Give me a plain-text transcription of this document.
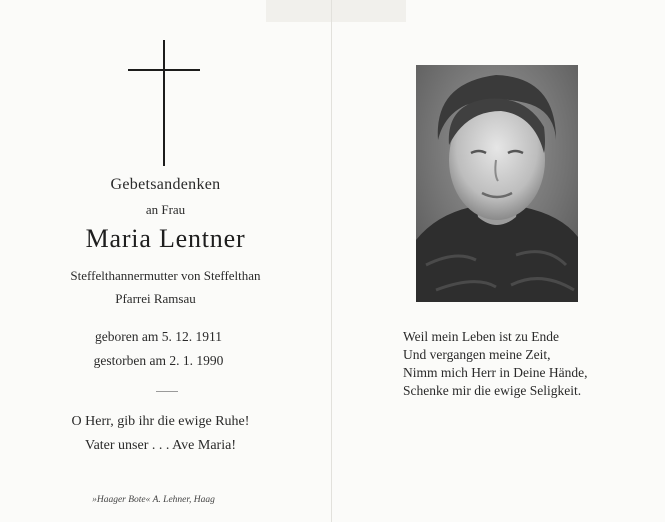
Gebetsandenken
an Frau
Maria Lentner
Steffelthannermutter von Steffelthan
Pfarrei Ramsau
geboren am 5. 12. 1911
gestorben am 2. 1. 1990
O Herr, gib ihr die ewige Ruhe!
Vater unser . . . Ave Maria!
»Haager Bote« A. Lehner, Haag
Weil mein Leben ist zu Ende
Und vergangen meine Zeit,
Nimm mich Herr in Deine Hände,
Schenke mir die ewige Seligkeit.
